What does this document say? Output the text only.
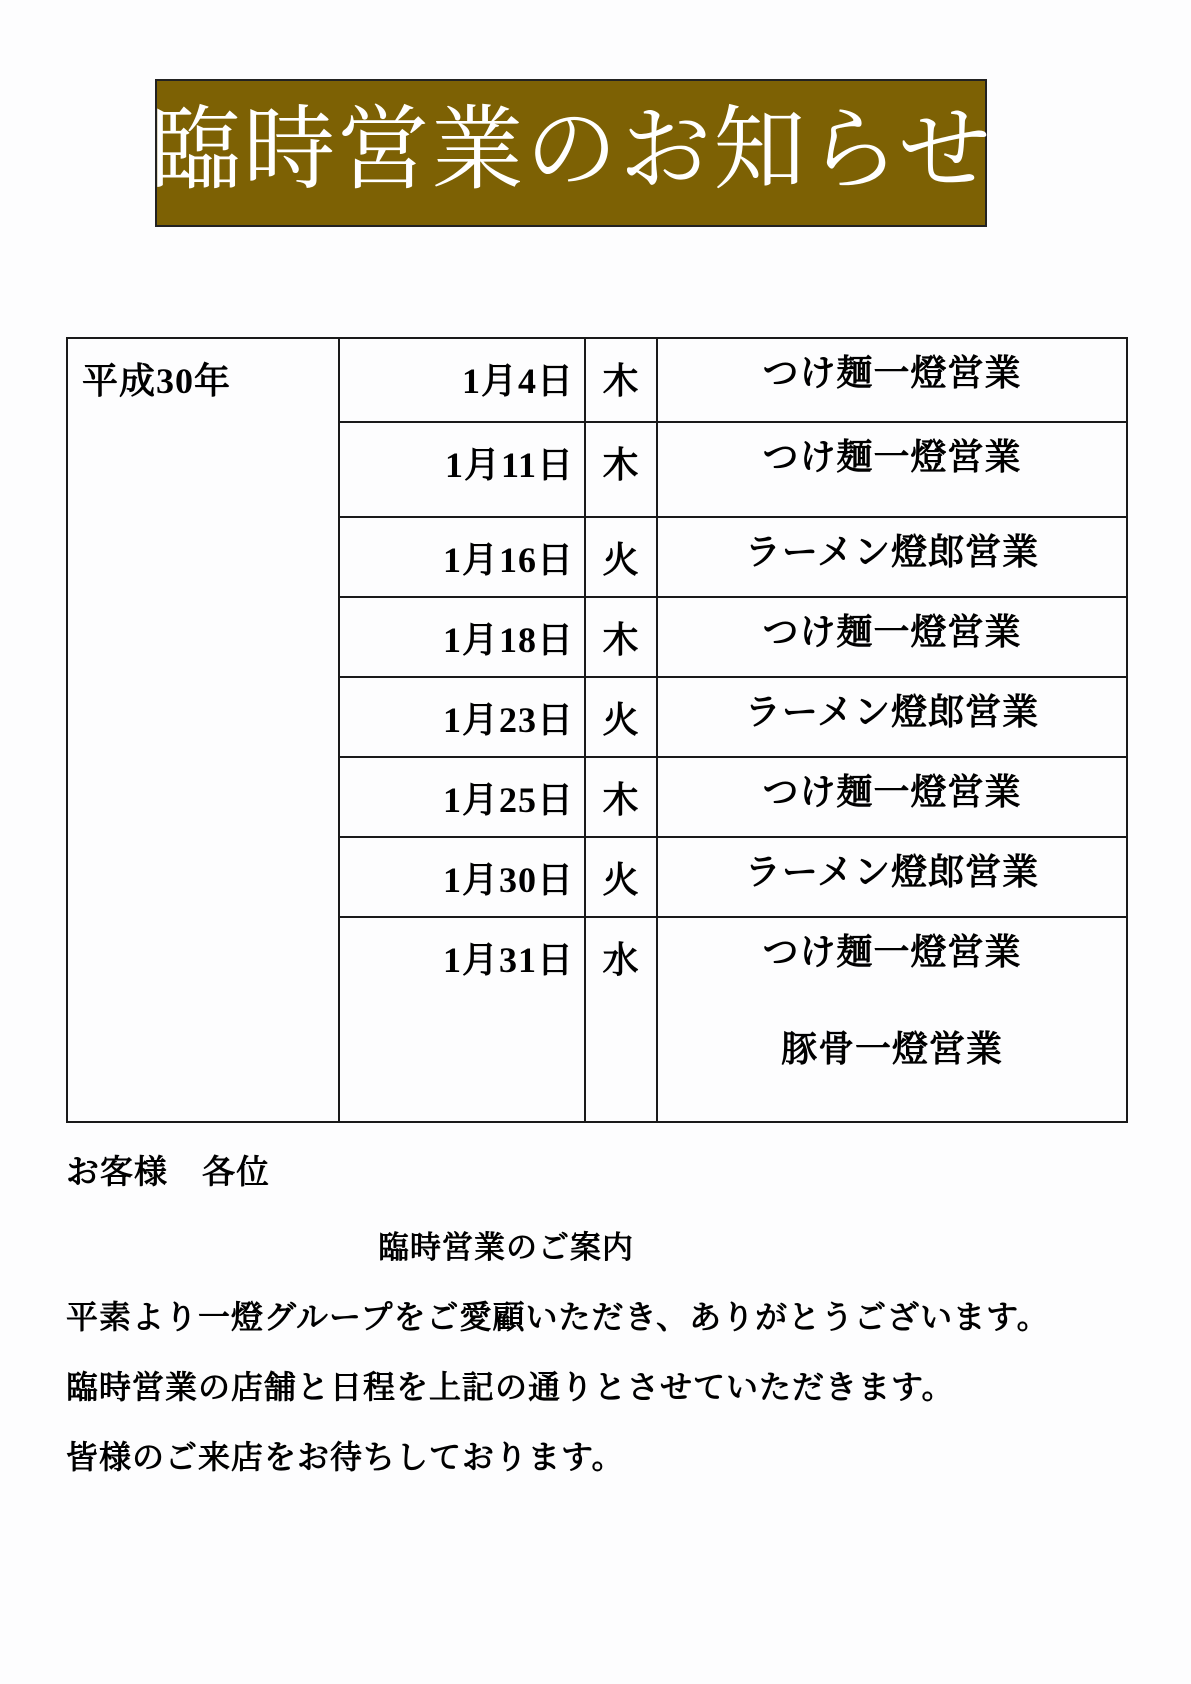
臨時営業のお知らせ
平成30年	1月4日	木	つけ麺一燈営業

	1月11日	木	つけ麺一燈営業

	1月16日	火	ラーメン燈郎営業

	1月18日	木	つけ麺一燈営業

	1月23日	火	ラーメン燈郎営業

	1月25日	木	つけ麺一燈営業

	1月30日	火	ラーメン燈郎営業

	1月31日	水	つけ麺一燈営業
豚骨一燈営業
お客様　各位
臨時営業のご案内
平素より一燈グループをご愛顧いただき、ありがとうございます。
臨時営業の店舗と日程を上記の通りとさせていただきます。
皆様のご来店をお待ちしております。
